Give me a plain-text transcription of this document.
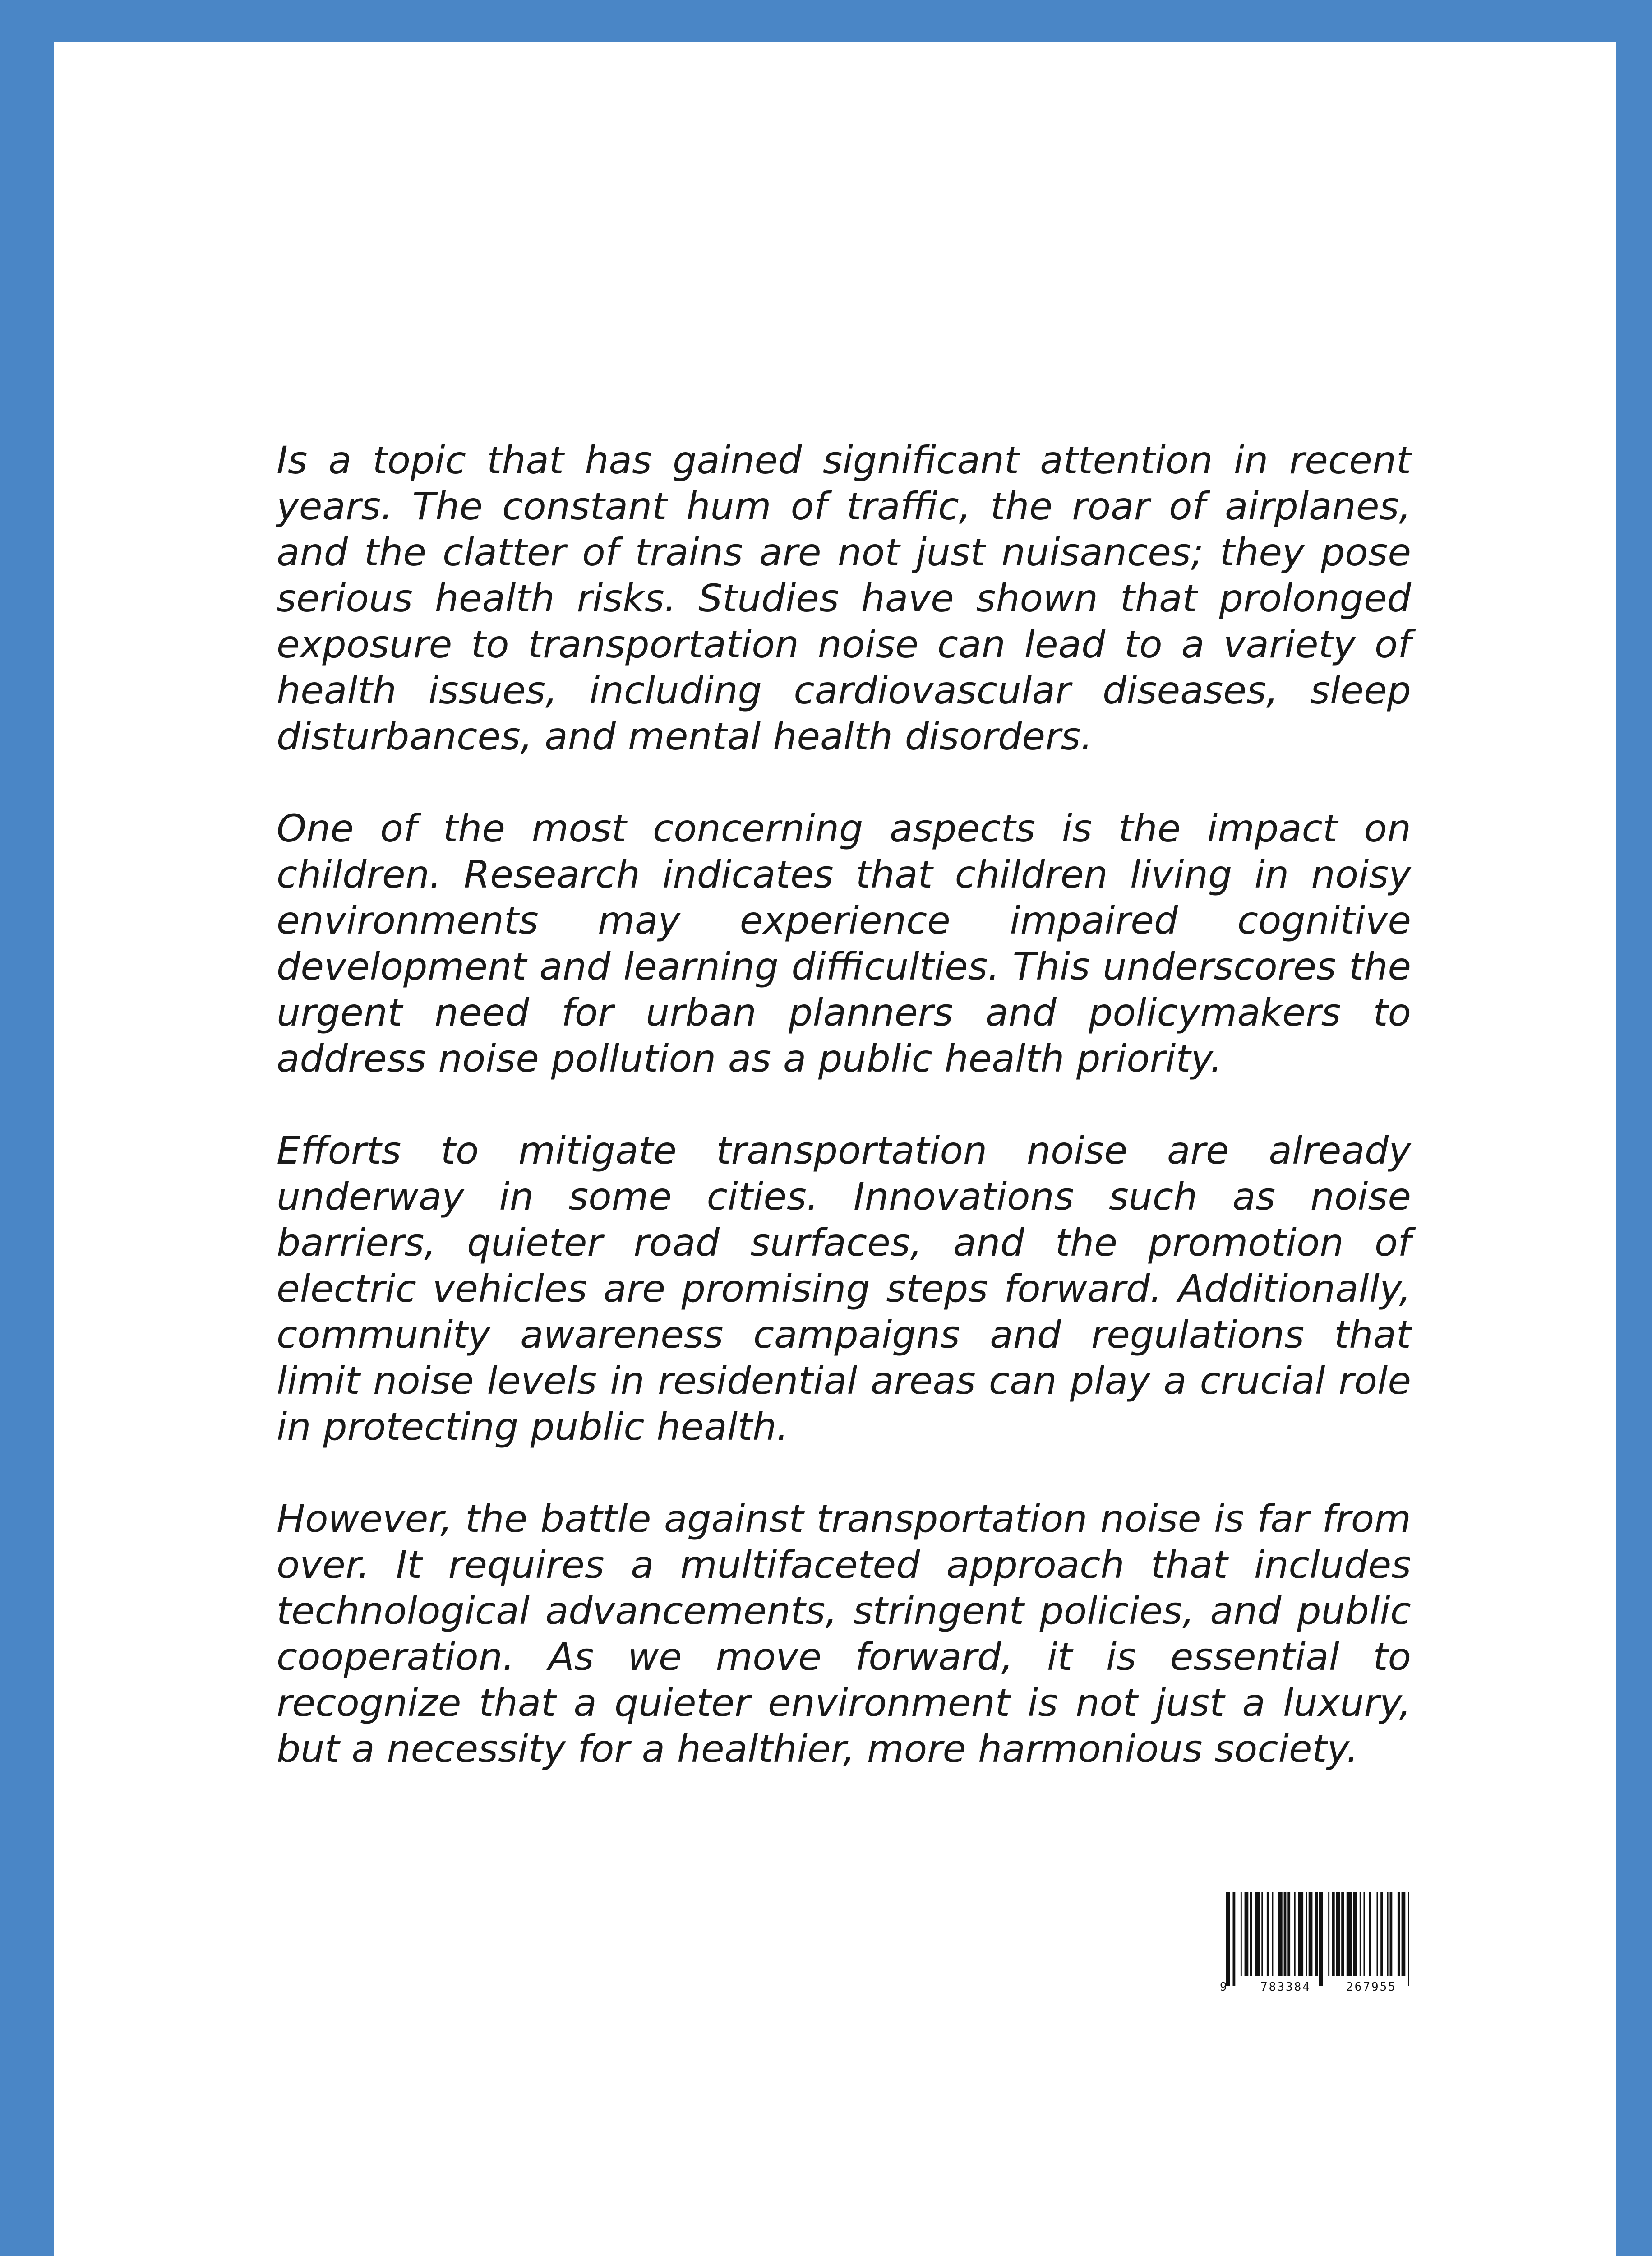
Is a topic that has gained significant attention in recent years. The constant hum of traffic, the roar of airplanes, and the clatter of trains are not just nuisances; they pose serious health risks. Studies have shown that prolonged exposure to transportation noise can lead to a variety of health issues, including cardiovascular diseases, sleep disturbances, and mental health disorders.

One of the most concerning aspects is the impact on children. Research indicates that children living in noisy environments may experience impaired cognitive development and learning difficulties. This underscores the urgent need for urban planners and policymakers to address noise pollution as a public health priority.

Efforts to mitigate transportation noise are already underway in some cities. Innovations such as noise barriers, quieter road surfaces, and the promotion of electric vehicles are promising steps forward. Additionally, community awareness campaigns and regulations that limit noise levels in residential areas can play a crucial role in protecting public health.

However, the battle against transportation noise is far from over. It requires a multifaceted approach that includes technological advancements, stringent policies, and public cooperation. As we move forward, it is essential to recognize that a quieter environment is not just a luxury, but a necessity for a healthier, more harmonious society.

9	783384	267955
